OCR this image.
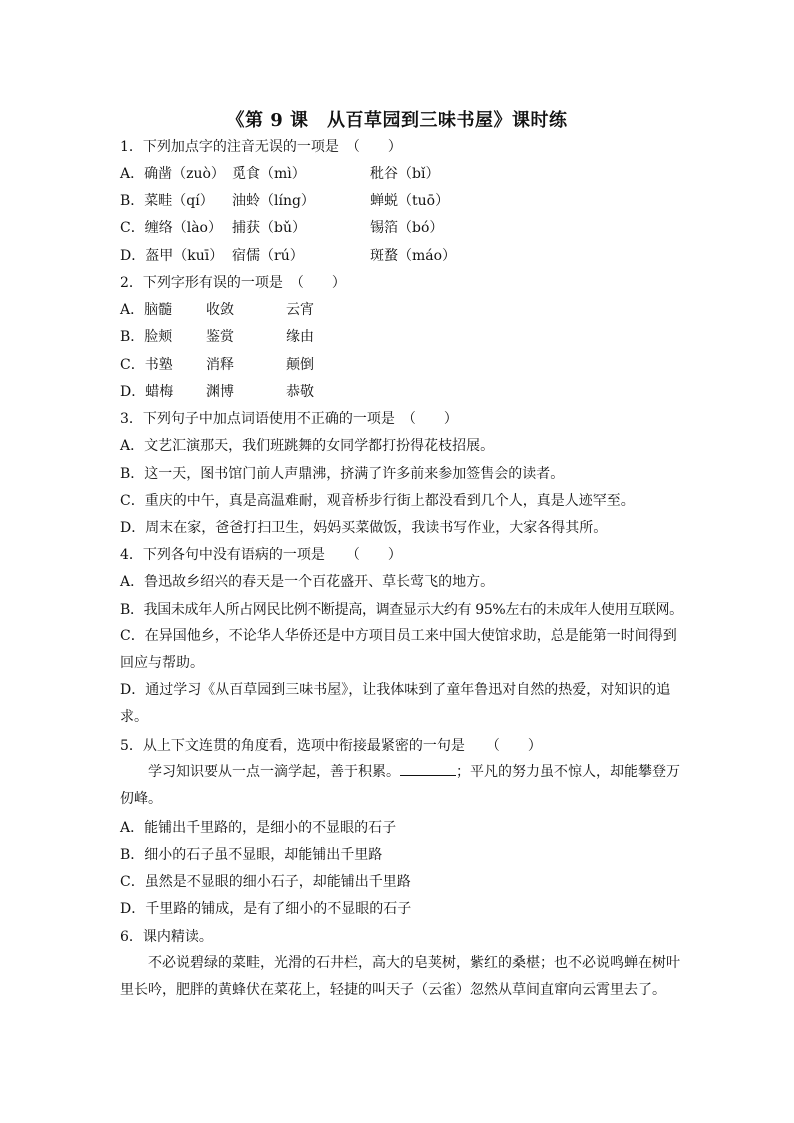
《第 9 课　从百草园到三味书屋》课时练
1．下列加点字的注音无误的一项是　（　　）
A．确凿（zuò） 觅食（mì）	秕谷（bǐ）
B．菜畦（qí） 油蛉（líng）	蝉蜕（tuō）
C．缠络（lào） 捕获（bǔ）	锡箔（bó）
D．盔甲（kuī） 宿儒（rú）	斑蝥（máo）
2．下列字形有误的一项是　（　　）
A．脑髓 收敛	云宵
B．脸颊 鉴赏	缘由
C．书塾 消释	颠倒
D．蜡梅 渊博	恭敬
3．下列句子中加点词语使用不正确的一项是　（　　）
A．文艺汇演那天，我们班跳舞的女同学都打扮得花枝招展。
B．这一天，图书馆门前人声鼎沸，挤满了许多前来参加签售会的读者。
C．重庆的中午，真是高温难耐，观音桥步行街上都没看到几个人，真是人迹罕至。
D．周末在家，爸爸打扫卫生，妈妈买菜做饭，我读书写作业，大家各得其所。
4．下列各句中没有语病的一项是　　（　　）
A．鲁迅故乡绍兴的春天是一个百花盛开、草长莺飞的地方。
B．我国未成年人所占网民比例不断提高，调查显示大约有 95%左右的未成年人使用互联网。
C．在异国他乡，不论华人华侨还是中方项目员工来中国大使馆求助，总是能第一时间得到回应与帮助。
D．通过学习《从百草园到三味书屋》，让我体味到了童年鲁迅对自然的热爱，对知识的追求。
5．从上下文连贯的角度看，选项中衔接最紧密的一句是　　（　　）
学习知识要从一点一滴学起，善于积累。	；平凡的努力虽不惊人，却能攀登万仞峰。
A．能铺出千里路的，是细小的不显眼的石子
B．细小的石子虽不显眼，却能铺出千里路
C．虽然是不显眼的细小石子，却能铺出千里路
D．千里路的铺成，是有了细小的不显眼的石子
6．课内精读。
不必说碧绿的菜畦，光滑的石井栏，高大的皂荚树，紫红的桑椹；也不必说鸣蝉在树叶里长吟，肥胖的黄蜂伏在菜花上，轻捷的叫天子（云雀）忽然从草间直窜向云霄里去了。
